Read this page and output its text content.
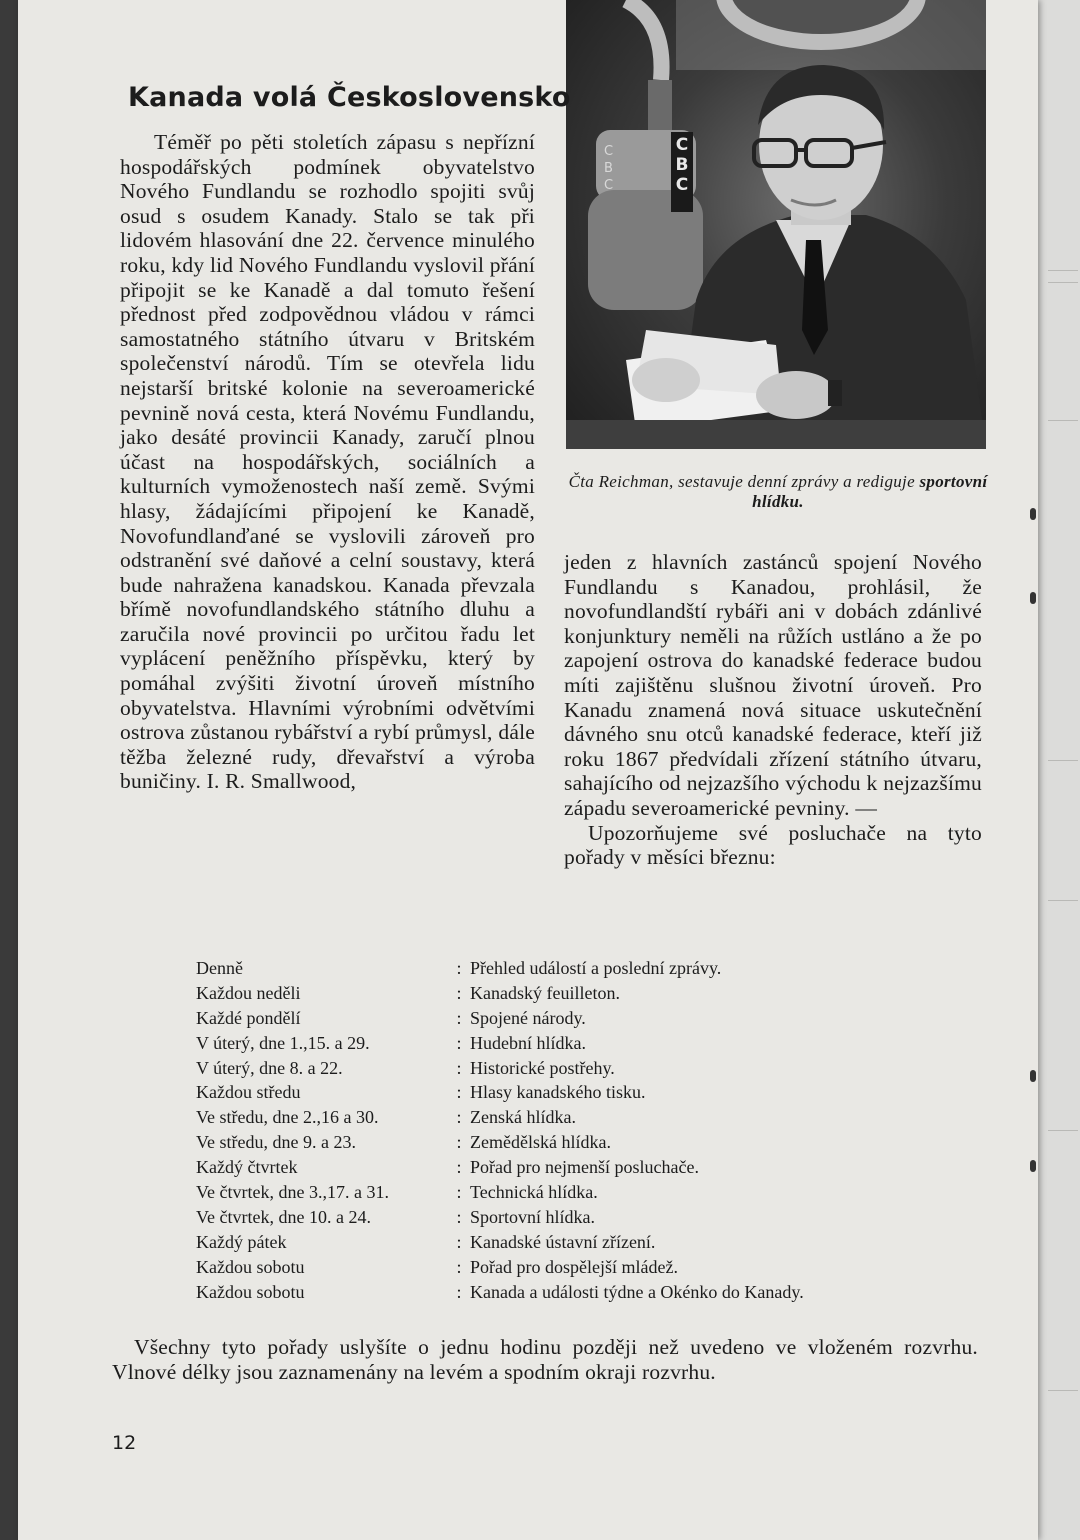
C
B
C
C
B
C
Čta Reichman, sestavuje denní zprávy a rediguje sportovní hlídku.
Kanada volá Československo

Téměř po pěti stoletích zápasu s nepřízní hospodářských podmínek obyvatelstvo Nového Fundlandu se rozhodlo spojiti svůj osud s osudem Kanady. Stalo se tak při lidovém hlasování dne 22. července minulého roku, kdy lid Nového Fundlandu vyslovil přání připojit se ke Kanadě a dal tomuto řešení přednost před zodpovědnou vládou v rámci samostatného státního útvaru v Britském společenství národů. Tím se otevřela lidu nejstarší britské kolonie na severoamerické pevnině nová cesta, která Novému Fundlandu, jako desáté provincii Kanady, zaručí plnou účast na hospodářských, sociálních a kulturních vymoženostech naší země. Svými hlasy, žádajícími připojení ke Kanadě, Novofundlanďané se vyslovili zároveň pro odstranění své daňové a celní soustavy, která bude nahražena kanadskou. Kanada převzala břímě novofundlandského státního dluhu a zaručila nové provincii po určitou řadu let vyplácení peněžního příspěvku, který by pomáhal zvýšiti životní úroveň místního obyvatelstva. Hlavními výrobními odvětvími ostrova zůstanou rybářství a rybí průmysl, dále těžba železné rudy, dřevařství a výroba buničiny. I. R. Smallwood,

jeden z hlavních zastánců spojení Nového Fundlandu s Kanadou, prohlásil, že novofundlandští rybáři ani v dobách zdánlivé konjunktury neměli na růžích ustláno a že po zapojení ostrova do kanadské federace budou míti zajištěnu slušnou životní úroveň. Pro Kanadu znamená nová situace uskutečnění dávného snu otců kanadské federace, kteří již roku 1867 předvídali zřízení státního útvaru, sahajícího od nejzazšího východu k nejzazšímu západu severoamerické pevniny. —

Upozorňujeme své posluchače na tyto pořady v měsíci březnu:

Denně	: Přehled událostí a poslední zprávy.
Každou neděli	: Kanadský feuilleton.
Každé pondělí	: Spojené národy.
V úterý, dne 1.,15. a 29.	: Hudební hlídka.
V úterý, dne 8. a 22.	: Historické postřehy.
Každou středu	: Hlasy kanadského tisku.
Ve středu, dne 2.,16 a 30.	: Zenská hlídka.
Ve středu, dne 9. a 23.	: Zemědělská hlídka.
Každý čtvrtek	: Pořad pro nejmenší posluchače.
Ve čtvrtek, dne 3.,17. a 31.	: Technická hlídka.
Ve čtvrtek, dne 10. a 24.	: Sportovní hlídka.
Každý pátek	: Kanadské ústavní zřízení.
Každou sobotu	: Pořad pro dospělejší mládež.
Každou sobotu	: Kanada a události týdne a Okénko do Kanady.

Všechny tyto pořady uslyšíte o jednu hodinu později než uvedeno ve vloženém rozvrhu. Vlnové délky jsou zaznamenány na levém a spodním okraji rozvrhu.

12
